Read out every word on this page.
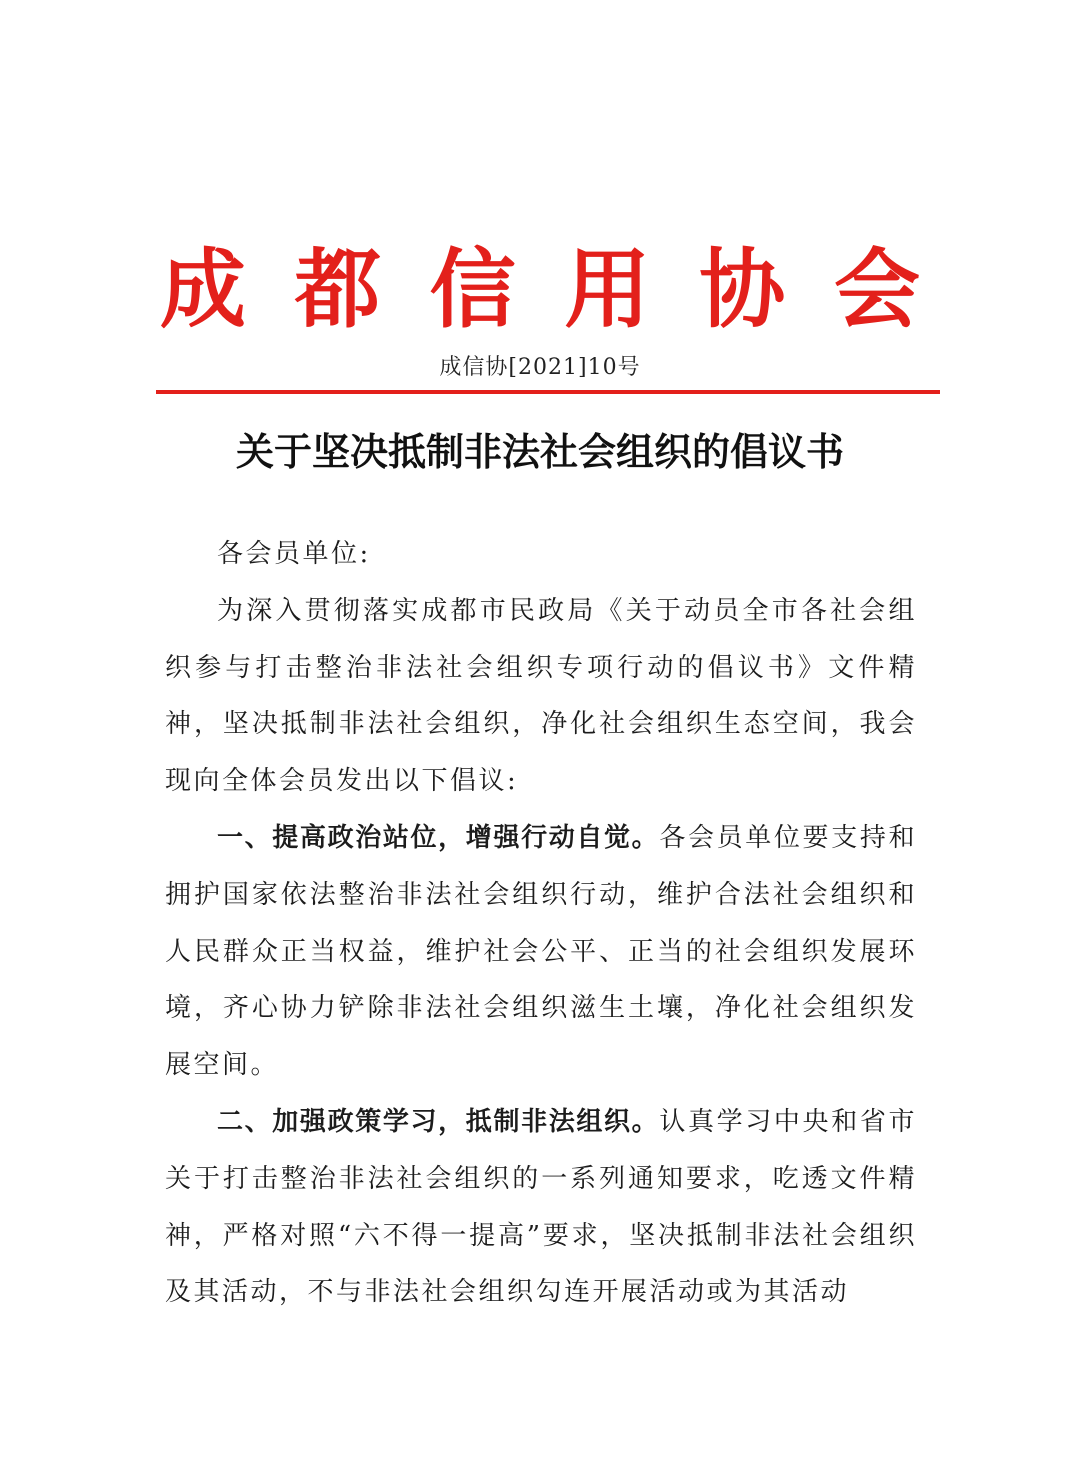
成 都 信 用 协 会
成信协[2021]10号
关于坚决抵制非法社会组织的倡议书

各会员单位:

为深入贯彻落实成都市民政局《关于动员全市各社会组织参与打击整治非法社会组织专项行动的倡议书》文件精神，坚决抵制非法社会组织，净化社会组织生态空间，我会现向全体会员发出以下倡议:

一、提高政治站位，增强行动自觉。各会员单位要支持和拥护国家依法整治非法社会组织行动，维护合法社会组织和人民群众正当权益，维护社会公平、正当的社会组织发展环境，齐心协力铲除非法社会组织滋生土壤，净化社会组织发展空间。

二、加强政策学习，抵制非法组织。认真学习中央和省市关于打击整治非法社会组织的一系列通知要求，吃透文件精神，严格对照“六不得一提高”要求，坚决抵制非法社会组织及其活动，不与非法社会组织勾连开展活动或为其活动
